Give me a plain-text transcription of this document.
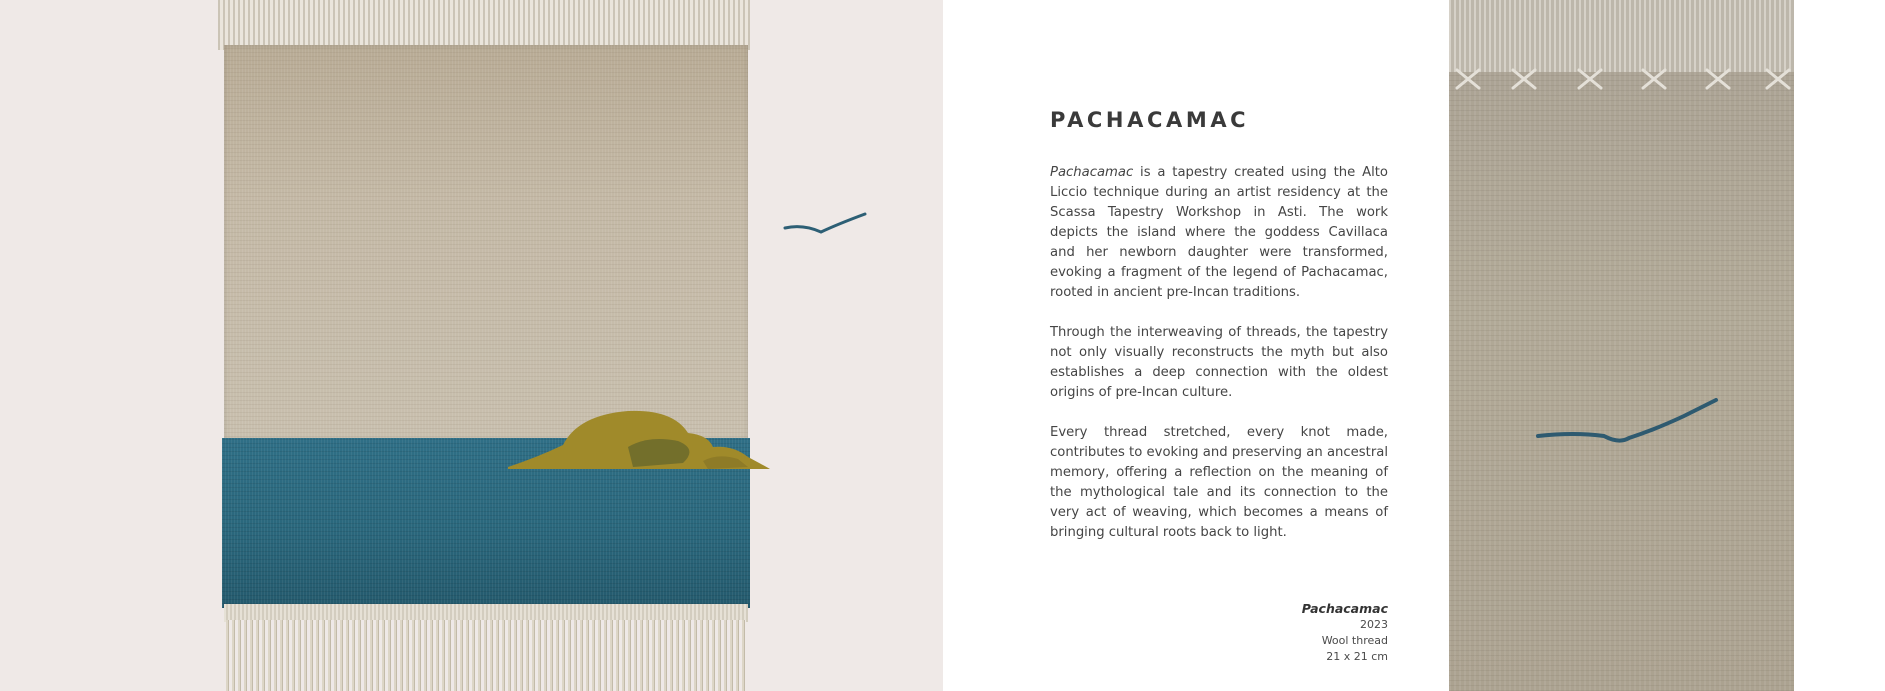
PACHACAMAC

Pachacamac is a tapestry created using the Alto Liccio technique during an artist residency at the Scassa Tapestry Workshop in Asti. The work depicts the island where the goddess Cavillaca and her newborn daughter were transformed, evoking a fragment of the legend of Pachacamac, rooted in ancient pre-Incan traditions.

Through the interweaving of threads, the tapestry not only visually reconstructs the myth but also establishes a deep connection with the oldest origins of pre-Incan culture.

Every thread stretched, every knot made, contributes to evoking and preserving an ancestral memory, offering a reflection on the meaning of the mythological tale and its connection to the very act of weaving, which becomes a means of bringing cultural roots back to light.

Pachacamac
2023
Wool thread
21 x 21 cm
